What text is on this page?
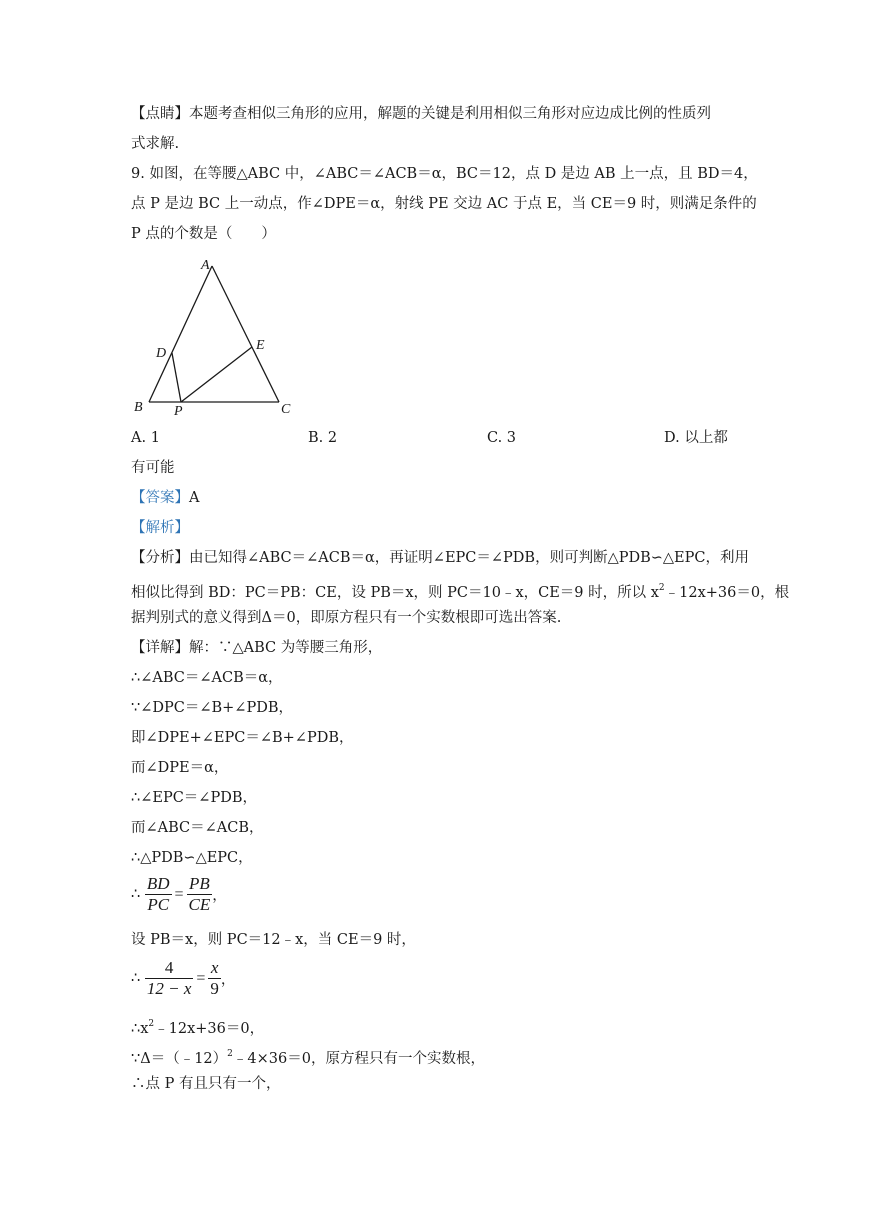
【点睛】本题考查相似三角形的应用，解题的关键是利用相似三角形对应边成比例的性质列
式求解.
9. 如图，在等腰△ABC 中，∠ABC＝∠ACB＝α，BC＝12，点 D 是边 AB 上一点，且 BD＝4，
点 P 是边 BC 上一动点，作∠DPE＝α，射线 PE 交边 AC 于点 E，当 CE＝9 时，则满足条件的
P 点的个数是（　　）
A
B	C
D
E
P
A. 1	B. 2	C. 3	D. 以上都
有可能
【答案】A
【解析】
【分析】由已知得∠ABC＝∠ACB＝α，再证明∠EPC＝∠PDB，则可判断△PDB∽△EPC，利用
相似比得到 BD：PC＝PB：CE，设 PB＝x，则 PC＝10﹣x，CE＝9 时，所以 $x^2﹣12x+36=0$，根
据判别式的意义得到Δ＝0，即原方程只有一个实数根即可选出答案.
【详解】解：∵△ABC 为等腰三角形，
∴∠ABC＝∠ACB＝α，
∵∠DPC＝∠B+∠PDB，
即∠DPE+∠EPC＝∠B+∠PDB，
而∠DPE＝α，
∴∠EPC＝∠PDB，
而∠ABC＝∠ACB，
∴△PDB∽△EPC，
∴ $\frac{BD}{PC} = \frac{PB}{CE}$ ，
设 PB＝x，则 PC＝12﹣x，当 CE＝9 时，
∴ $\frac{4}{12 - x} = \frac{x}{9}$ ，
$\therefore x^2﹣12x+36=0$，
∵Δ＝（﹣12）$^2$﹣4×36＝0，原方程只有一个实数根，
∴点 P 有且只有一个，
